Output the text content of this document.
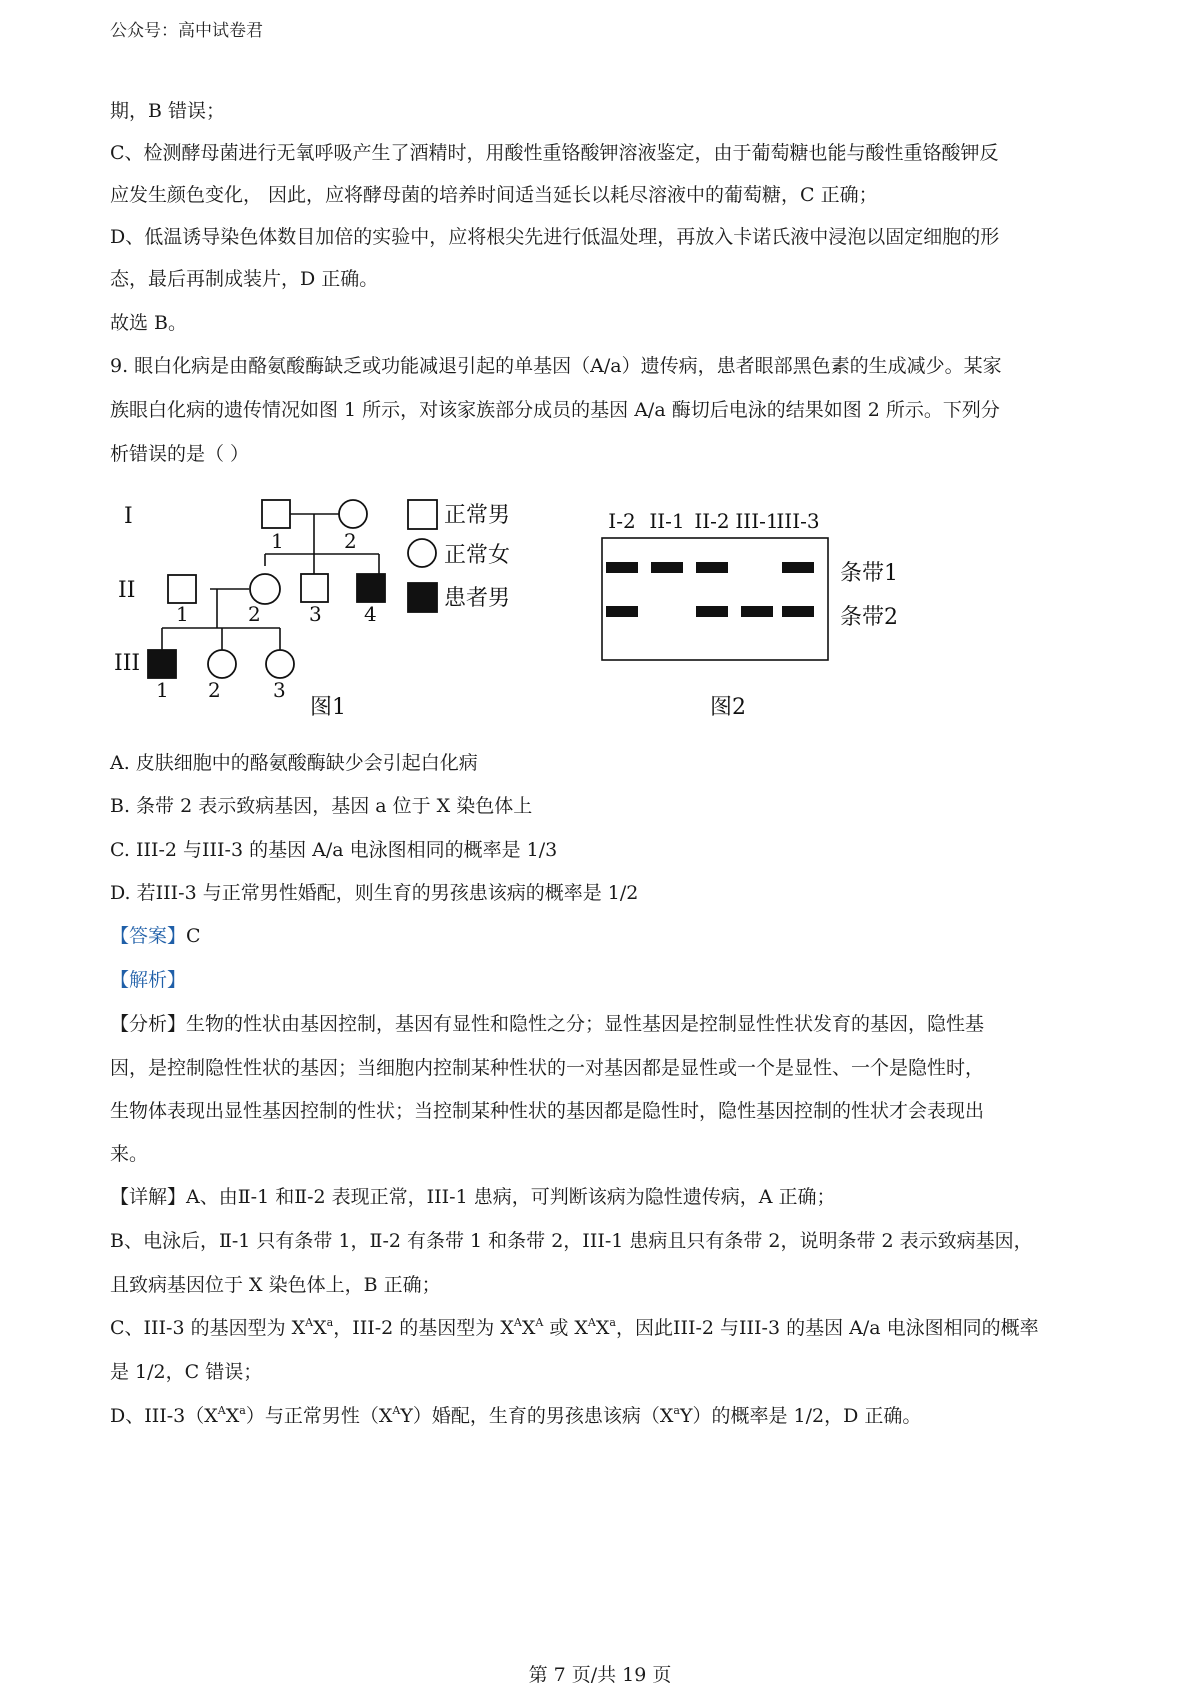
公众号：高中试卷君
期，B 错误；
C、检测酵母菌进行无氧呼吸产生了酒精时，用酸性重铬酸钾溶液鉴定，由于葡萄糖也能与酸性重铬酸钾反
应发生颜色变化， 因此，应将酵母菌的培养时间适当延长以耗尽溶液中的葡萄糖，C 正确；
D、低温诱导染色体数目加倍的实验中，应将根尖先进行低温处理，再放入卡诺氏液中浸泡以固定细胞的形
态，最后再制成装片，D 正确。
故选 B。
9. 眼白化病是由酪氨酸酶缺乏或功能减退引起的单基因（A/a）遗传病，患者眼部黑色素的生成减少。某家
族眼白化病的遗传情况如图 1 所示，对该家族部分成员的基因 A/a 酶切后电泳的结果如图 2 所示。下列分
析错误的是（ ）
I
II
III
1	2
1	2 3 4
1 2	3
正常男
正常女
患者男
图1
I-2 II-1 II-2 III-1
III-3
条带1
条带2
图2
A. 皮肤细胞中的酪氨酸酶缺少会引起白化病
B. 条带 2 表示致病基因，基因 a 位于 X 染色体上
C. III-2 与III-3 的基因 A/a 电泳图相同的概率是 1/3
D. 若III-3 与正常男性婚配，则生育的男孩患该病的概率是 1/2
【答案】C
【解析】
【分析】生物的性状由基因控制，基因有显性和隐性之分；显性基因是控制显性性状发育的基因，隐性基
因，是控制隐性性状的基因；当细胞内控制某种性状的一对基因都是显性或一个是显性、一个是隐性时，
生物体表现出显性基因控制的性状；当控制某种性状的基因都是隐性时，隐性基因控制的性状才会表现出
来。
【详解】A、由Ⅱ-1 和Ⅱ-2 表现正常，III-1 患病，可判断该病为隐性遗传病，A 正确；
B、电泳后，Ⅱ-1 只有条带 1，Ⅱ-2 有条带 1 和条带 2，III-1 患病且只有条带 2，说明条带 2 表示致病基因，
且致病基因位于 X 染色体上，B 正确；
C、III-3 的基因型为 $X^AX^a$，III-2 的基因型为 $X^AX^A$ 或 $X^AX^a$，因此III-2 与III-3 的基因 A/a 电泳图相同的概率
是 1/2，C 错误；
D、III-$3(X^AX^a)$与正常男性$(X^AY)$婚配，生育的男孩患该病$(X^aY)$的概率是 1/2，D 正确。
第 7 页/共 19 页
